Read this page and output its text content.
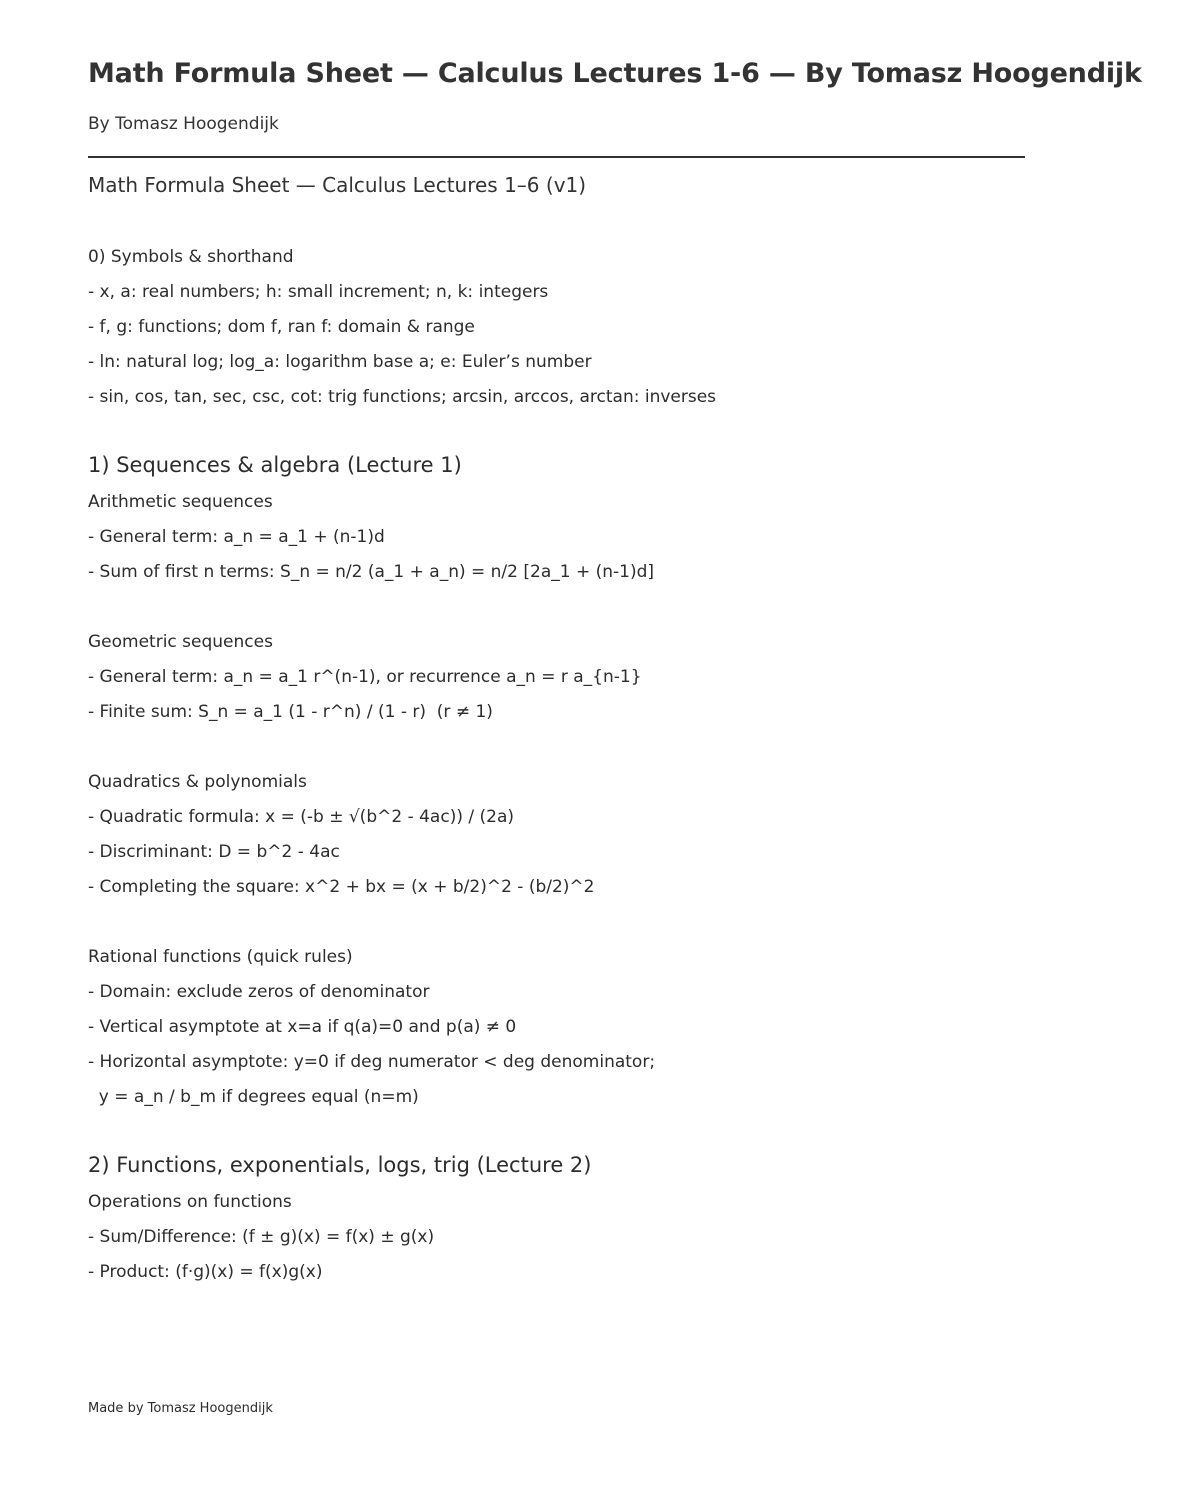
Math Formula Sheet — Calculus Lectures 1-6 — By Tomasz Hoogendijk
By Tomasz Hoogendijk
Math Formula Sheet — Calculus Lectures 1–6 (v1)
0) Symbols & shorthand
- x, a: real numbers; h: small increment; n, k: integers
- f, g: functions; dom f, ran f: domain & range
- ln: natural log; log_a: logarithm base a; e: Euler’s number
- sin, cos, tan, sec, csc, cot: trig functions; arcsin, arccos, arctan: inverses
1) Sequences & algebra (Lecture 1)
Arithmetic sequences
- General term: a_n = a_1 + (n-1)d
- Sum of first n terms: S_n = n/2 (a_1 + a_n) = n/2 [2a_1 + (n-1)d]
Geometric sequences
- General term: a_n = a_1 r^(n-1), or recurrence a_n = r a_{n-1}
- Finite sum: S_n = a_1 (1 - r^n) / (1 - r)  (r ≠ 1)
Quadratics & polynomials
- Quadratic formula: x = (-b ± √(b^2 - 4ac)) / (2a)
- Discriminant: D = b^2 - 4ac
- Completing the square: x^2 + bx = (x + b/2)^2 - (b/2)^2
Rational functions (quick rules)
- Domain: exclude zeros of denominator
- Vertical asymptote at x=a if q(a)=0 and p(a) ≠ 0
- Horizontal asymptote: y=0 if deg numerator < deg denominator;
y = a_n / b_m if degrees equal (n=m)
2) Functions, exponentials, logs, trig (Lecture 2)
Operations on functions
- Sum/Difference: (f ± g)(x) = f(x) ± g(x)
- Product: (f·g)(x) = f(x)g(x)
Made by Tomasz Hoogendijk
